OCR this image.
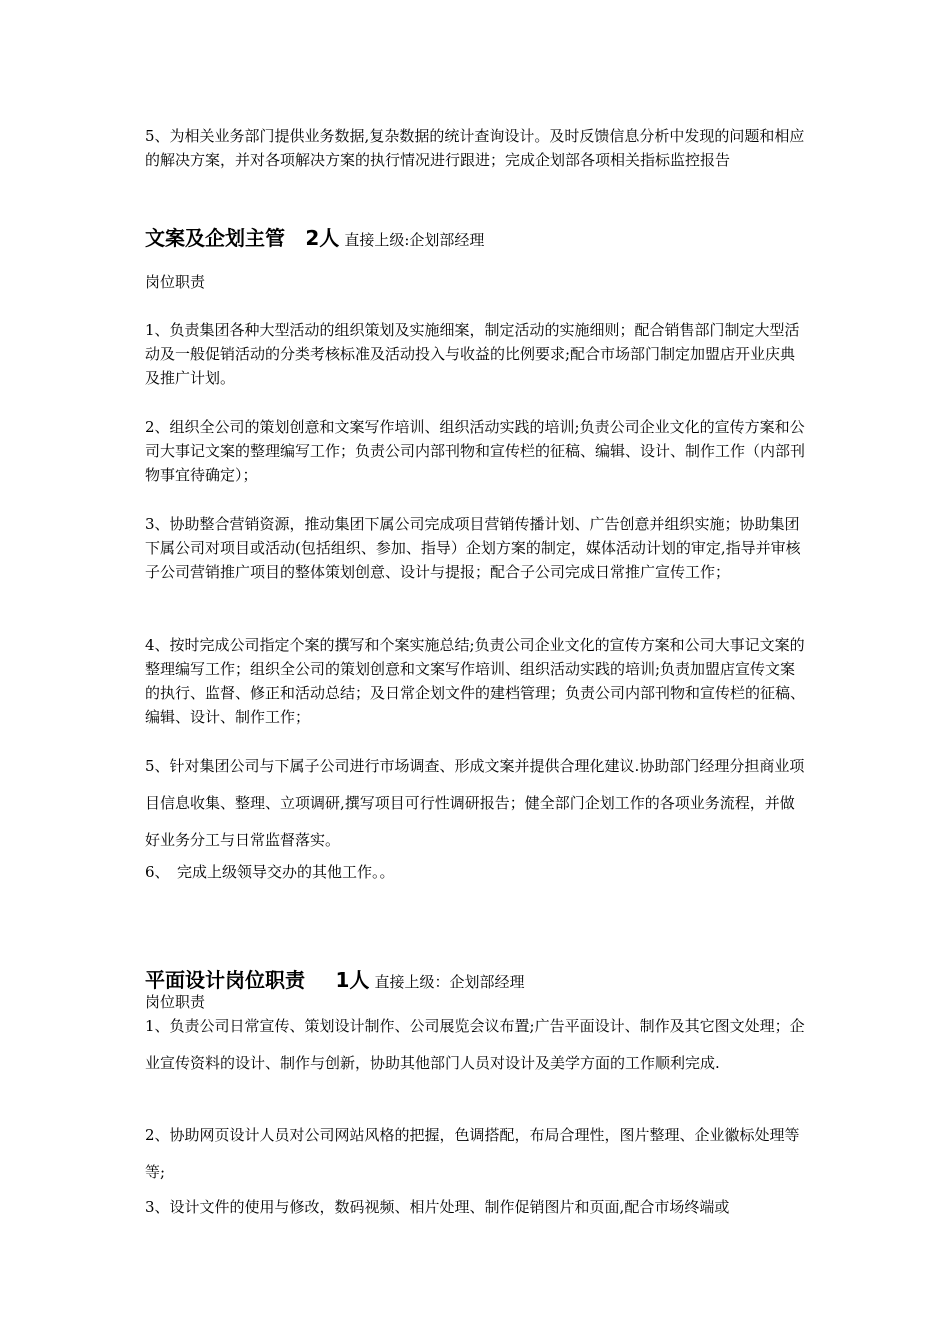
5、为相关业务部门提供业务数据,复杂数据的统计查询设计。及时反馈信息分析中发现的问题和相应的解决方案，并对各项解决方案的执行情况进行跟进；完成企划部各项相关指标监控报告
文案及企划主管 2人 直接上级:企划部经理
岗位职责
1、负责集团各种大型活动的组织策划及实施细案，制定活动的实施细则；配合销售部门制定大型活动及一般促销活动的分类考核标准及活动投入与收益的比例要求;配合市场部门制定加盟店开业庆典及推广计划。
2、组织全公司的策划创意和文案写作培训、组织活动实践的培训;负责公司企业文化的宣传方案和公司大事记文案的整理编写工作；负责公司内部刊物和宣传栏的征稿、编辑、设计、制作工作（内部刊物事宜待确定）；
3、协助整合营销资源，推动集团下属公司完成项目营销传播计划、广告创意并组织实施；协助集团下属公司对项目或活动(包括组织、参加、指导）企划方案的制定，媒体活动计划的审定,指导并审核子公司营销推广项目的整体策划创意、设计与提报；配合子公司完成日常推广宣传工作；
4、按时完成公司指定个案的撰写和个案实施总结;负责公司企业文化的宣传方案和公司大事记文案的整理编写工作；组织全公司的策划创意和文案写作培训、组织活动实践的培训;负责加盟店宣传文案的执行、监督、修正和活动总结；及日常企划文件的建档管理；负责公司内部刊物和宣传栏的征稿、编辑、设计、制作工作；
5、针对集团公司与下属子公司进行市场调查、形成文案并提供合理化建议.协助部门经理分担商业项目信息收集、整理、立项调研,撰写项目可行性调研报告；健全部门企划工作的各项业务流程，并做好业务分工与日常监督落实。
6、　完成上级领导交办的其他工作。。
平面设计岗位职责 1人 直接上级：企划部经理
岗位职责
1、负责公司日常宣传、策划设计制作、公司展览会议布置;广告平面设计、制作及其它图文处理；企业宣传资料的设计、制作与创新，协助其他部门人员对设计及美学方面的工作顺利完成.
2、协助网页设计人员对公司网站风格的把握，色调搭配，布局合理性，图片整理、企业徽标处理等等;
3、设计文件的使用与修改，数码视频、相片处理、制作促销图片和页面,配合市场终端或
